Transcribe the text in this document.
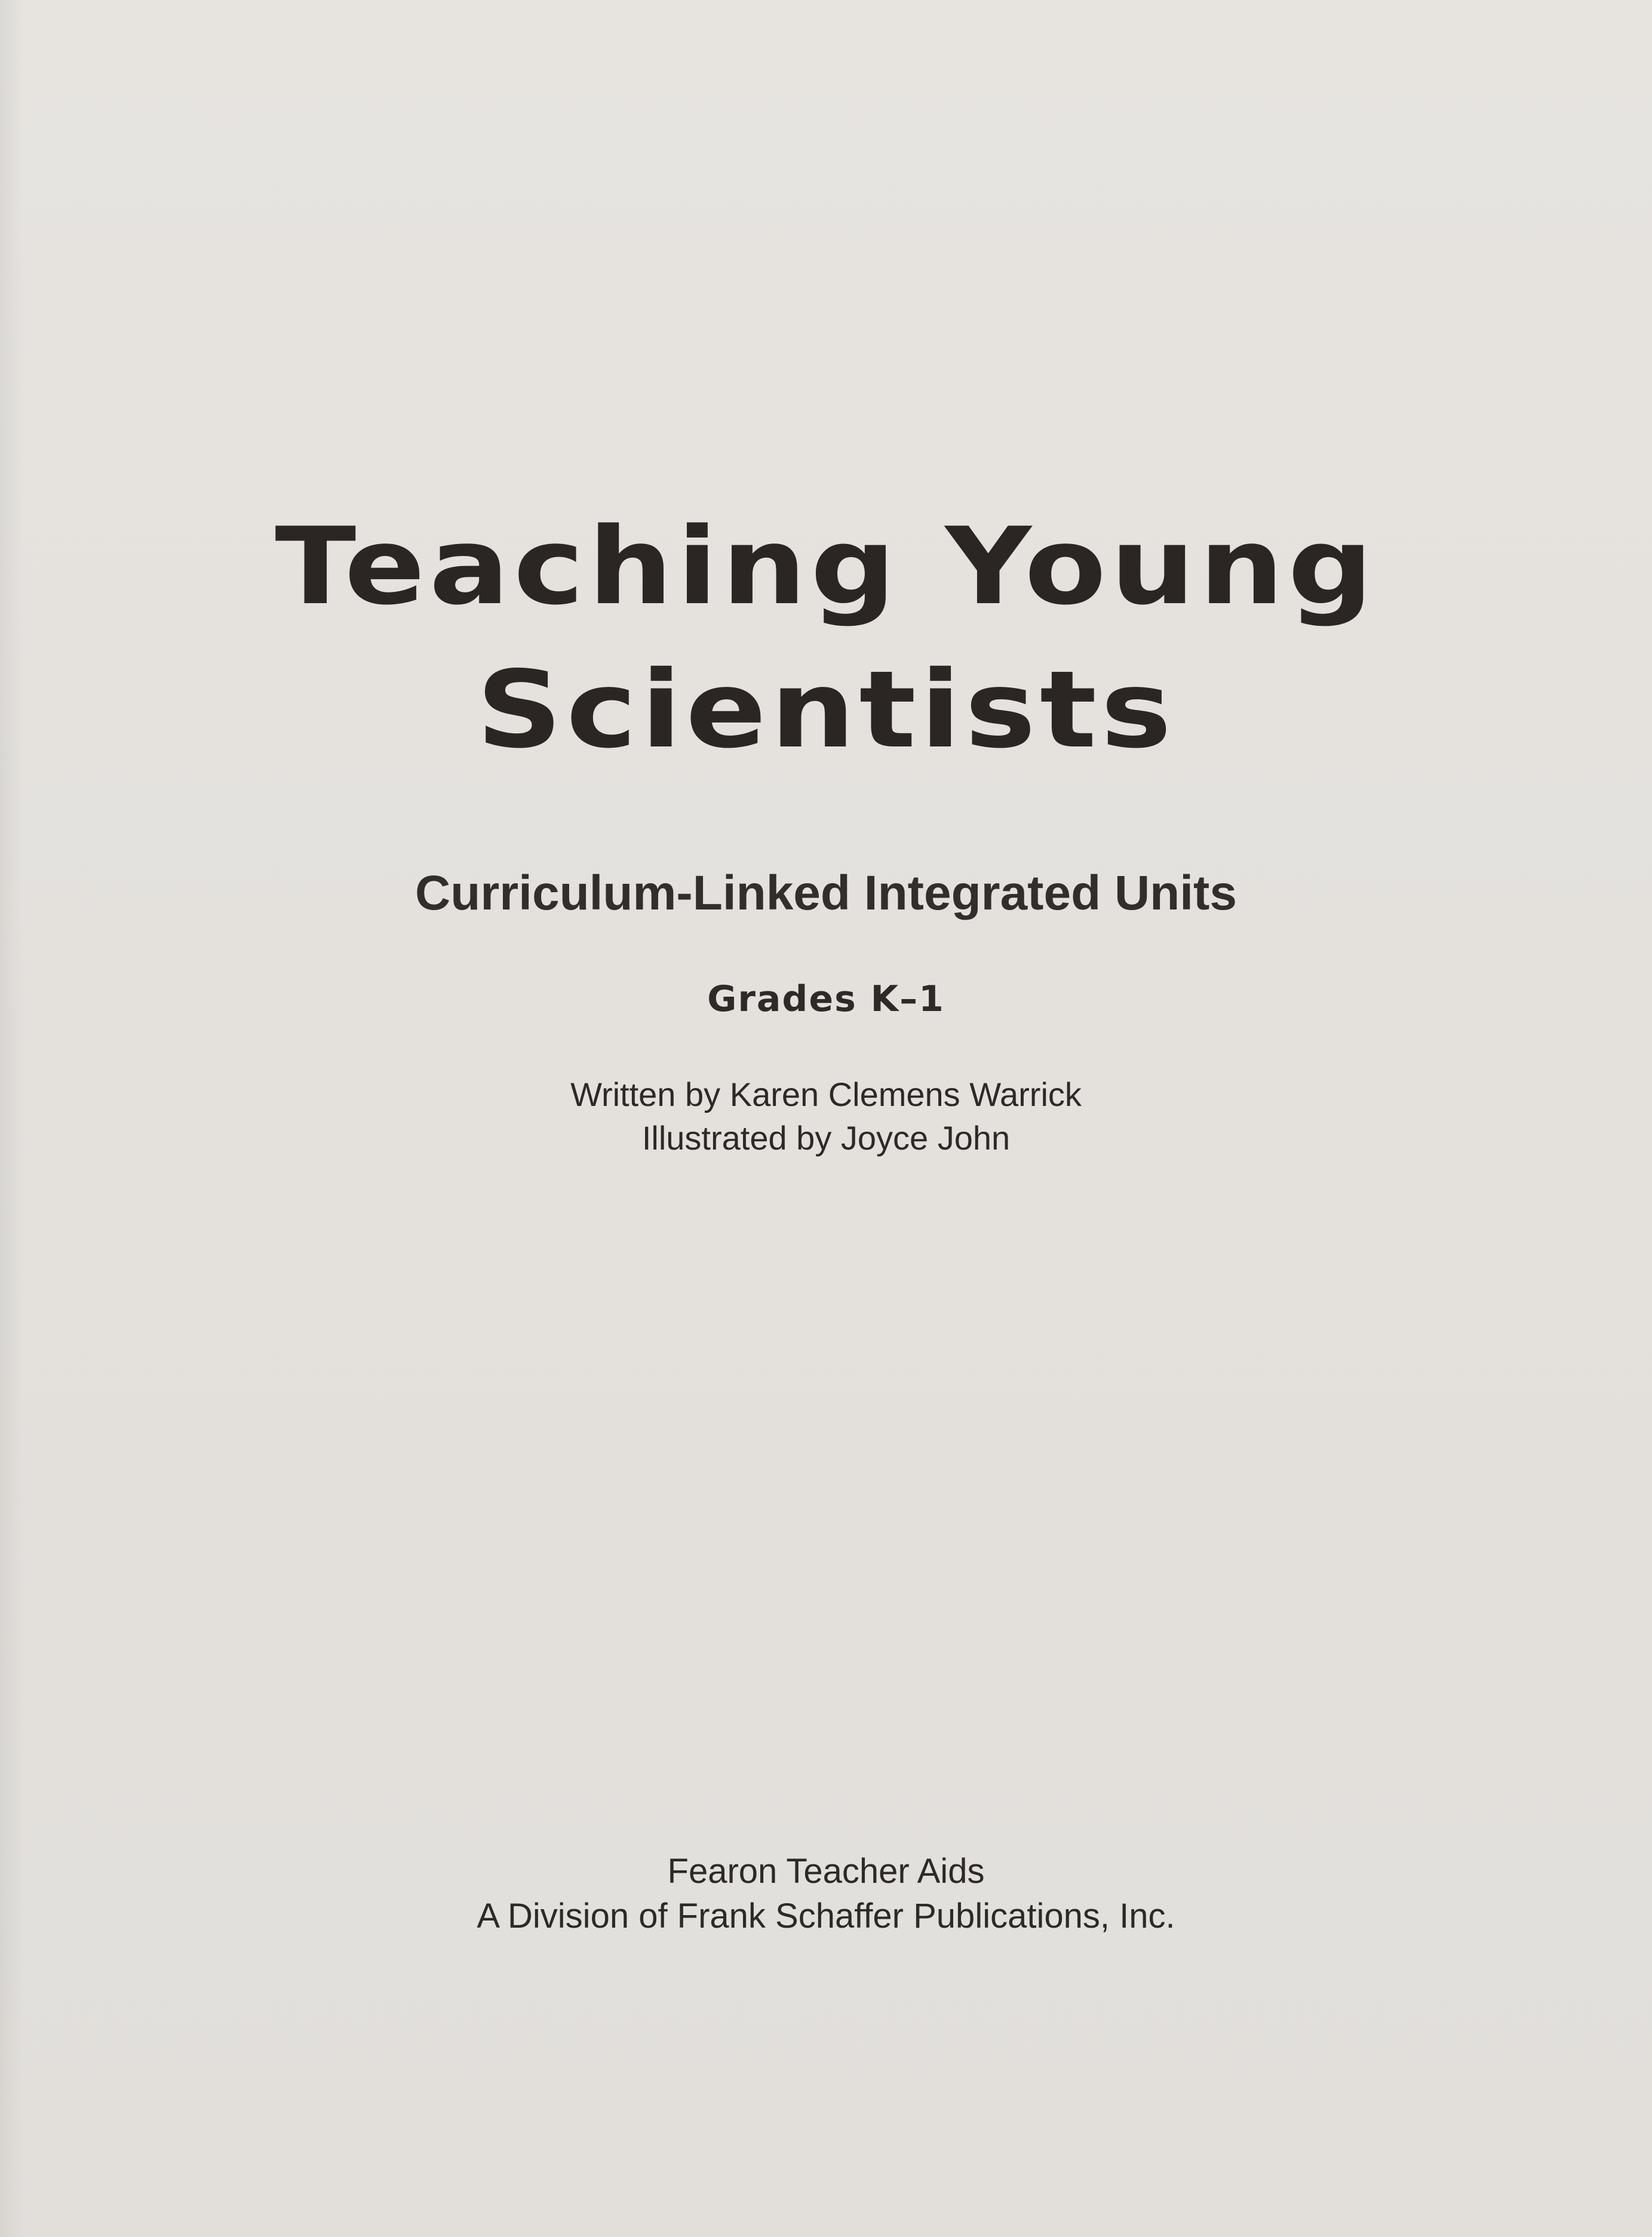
Teaching Young
Scientists
Curriculum-Linked Integrated Units
Grades K–1
Written by Karen Clemens Warrick
Illustrated by Joyce John
Fearon Teacher Aids
A Division of Frank Schaffer Publications, Inc.
